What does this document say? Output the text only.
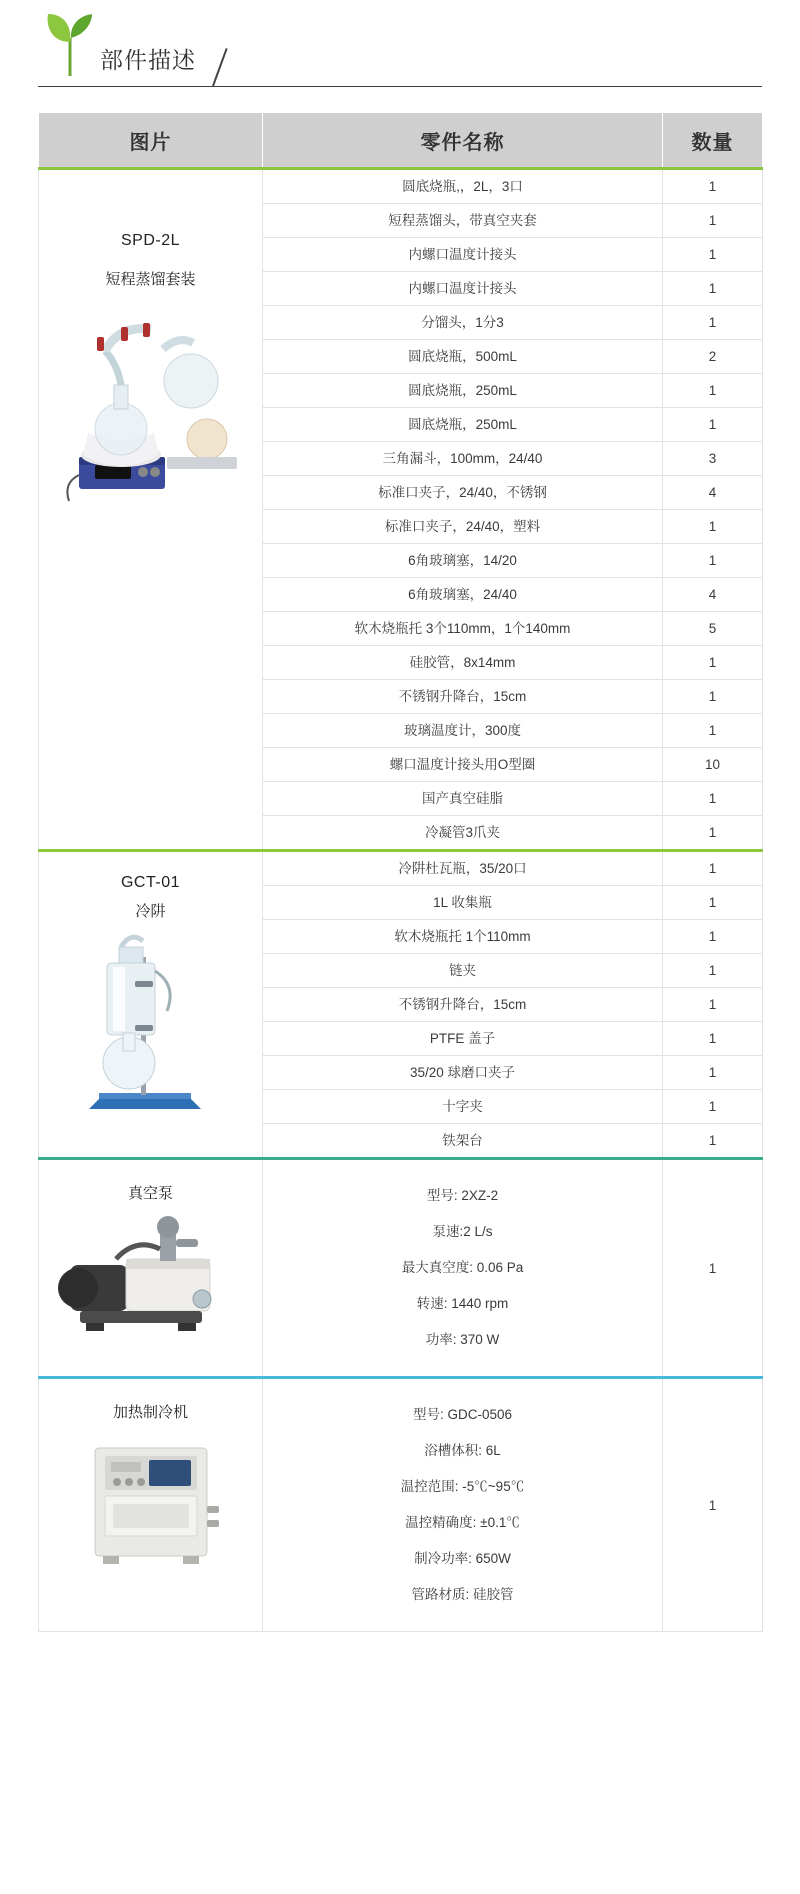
部件描述
图片	零件名称	数量

SPD-2L
短程蒸馏套装	圆底烧瓶,，2L，3口	1
	短程蒸馏头，带真空夹套	1
	内螺口温度计接头	1
	内螺口温度计接头	1
	分馏头，1分3	1
	圆底烧瓶，500mL	2
	圆底烧瓶，250mL	1
	圆底烧瓶，250mL	1
	三角漏斗，100mm，24/40	3
	标准口夹子，24/40，不锈钢	4
	标准口夹子，24/40，塑料	1
	6角玻璃塞，14/20	1
	6角玻璃塞，24/40	4
	软木烧瓶托 3个110mm，1个140mm	5
	硅胶管，8x14mm	1
	不锈钢升降台，15cm	1
	玻璃温度计，300度	1
	螺口温度计接头用O型圈	10
	国产真空硅脂	1
	冷凝管3爪夹	1

GCT-01
冷阱	冷阱杜瓦瓶，35/20口	1
	1L 收集瓶	1
	软木烧瓶托 1个110mm	1
	链夹	1
	不锈钢升降台，15cm	1
	PTFE 盖子	1
	35/20 球磨口夹子	1
	十字夹	1
	铁架台	1

真空泵	型号: 2XZ-2
泵速:2 L/s
最大真空度: 0.06 Pa
转速: 1440 rpm
功率: 370 W	1

加热制冷机	型号: GDC-0506
浴槽体积: 6L
温控范围: -5℃~95℃
温控精确度: ±0.1℃
制冷功率: 650W
管路材质: 硅胶管
	1
